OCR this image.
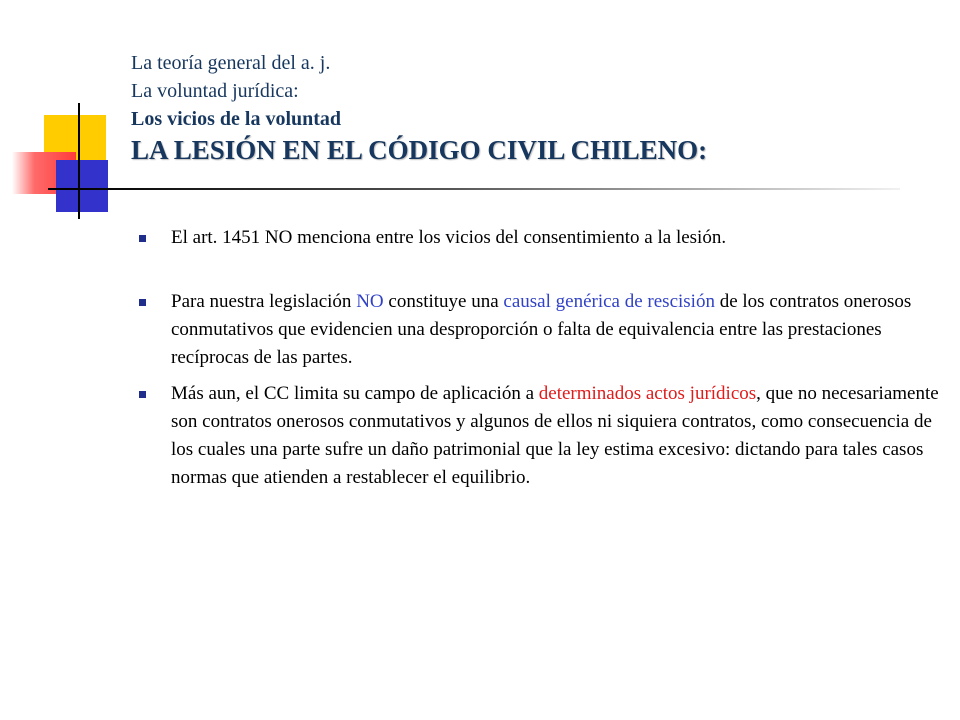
La teoría general del a. j.
La voluntad jurídica:
Los vicios de la voluntad
LA LESIÓN EN EL CÓDIGO CIVIL CHILENO:
El art. 1451 NO menciona entre los vicios del consentimiento a la lesión.
Para nuestra legislación NO constituye una causal genérica de rescisión de los contratos onerosos conmutativos que evidencien una desproporción o falta de equivalencia entre las prestaciones recíprocas de las partes.
Más aun, el CC limita su campo de aplicación a determinados actos jurídicos, que no necesariamente son contratos onerosos conmutativos y algunos de ellos ni siquiera contratos, como consecuencia de los cuales una parte sufre un daño patrimonial que la ley estima excesivo: dictando para tales casos normas que atienden a restablecer el equilibrio.
